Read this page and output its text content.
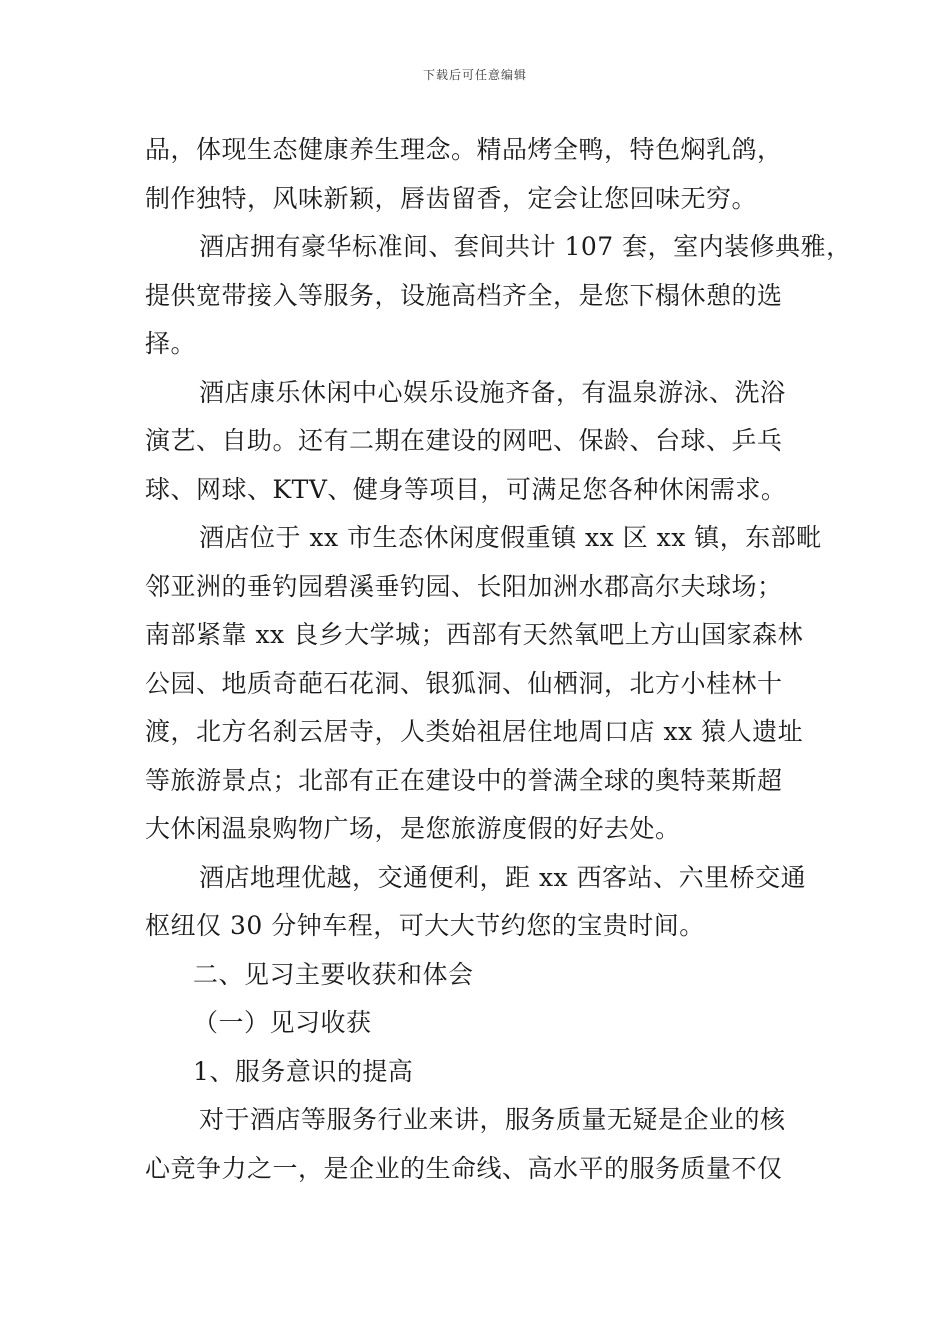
下载后可任意编辑
品，体现生态健康养生理念。精品烤全鸭，特色焖乳鸽，
制作独特，风味新颖，唇齿留香，定会让您回味无穷。
酒店拥有豪华标准间、套间共计 107 套，室内装修典雅，
提供宽带接入等服务，设施高档齐全，是您下榻休憩的选
择。
酒店康乐休闲中心娱乐设施齐备，有温泉游泳、洗浴
演艺、自助。还有二期在建设的网吧、保龄、台球、乒乓
球、网球、KTV、健身等项目，可满足您各种休闲需求。
酒店位于 xx 市生态休闲度假重镇 xx 区 xx 镇，东部毗
邻亚洲的垂钓园碧溪垂钓园、长阳加洲水郡高尔夫球场；
南部紧靠 xx 良乡大学城；西部有天然氧吧上方山国家森林
公园、地质奇葩石花洞、银狐洞、仙栖洞，北方小桂林十
渡，北方名刹云居寺，人类始祖居住地周口店 xx 猿人遗址
等旅游景点；北部有正在建设中的誉满全球的奥特莱斯超
大休闲温泉购物广场，是您旅游度假的好去处。
酒店地理优越，交通便利，距 xx 西客站、六里桥交通
枢纽仅 30 分钟车程，可大大节约您的宝贵时间。
二、见习主要收获和体会
（一）见习收获
1、服务意识的提高
对于酒店等服务行业来讲，服务质量无疑是企业的核
心竞争力之一，是企业的生命线、高水平的服务质量不仅
